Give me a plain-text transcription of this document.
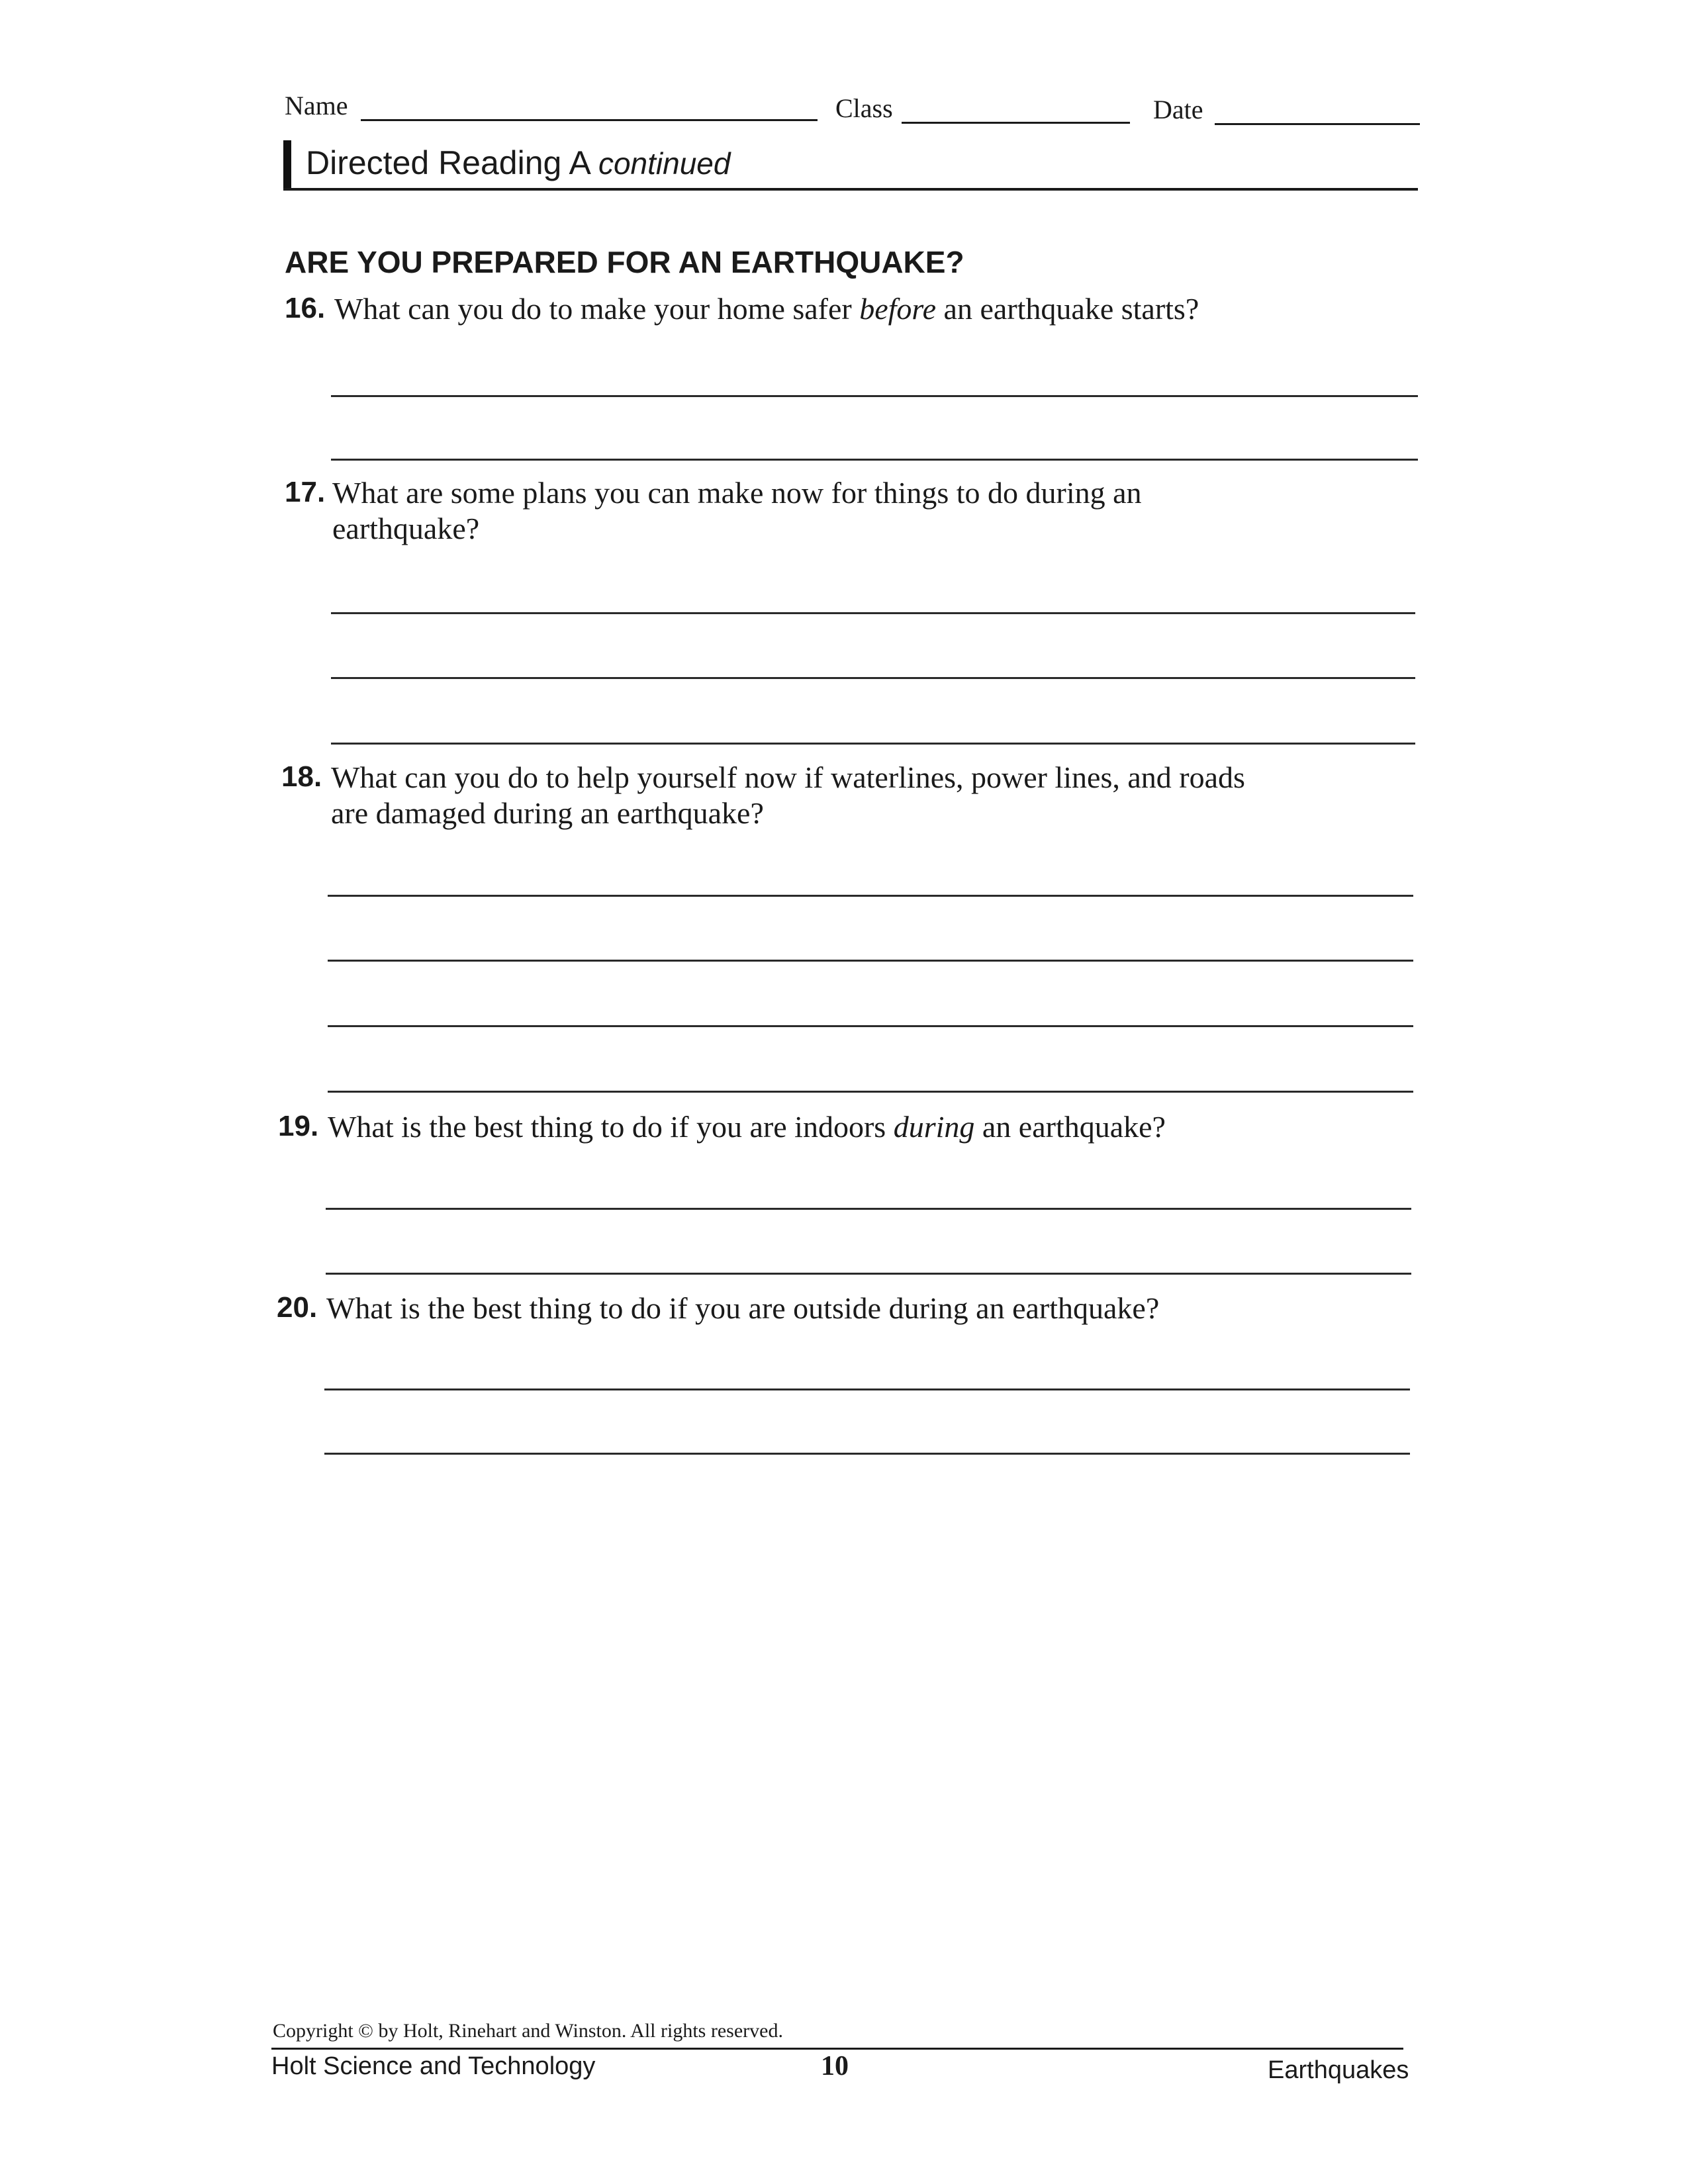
Name	Class	Date
Directed Reading A continued
ARE YOU PREPARED FOR AN EARTHQUAKE?
16. What can you do to make your home safer before an earthquake starts?
17. What are some plans you can make now for things to do during an
earthquake?
18. What can you do to help yourself now if waterlines, power lines, and roads
are damaged during an earthquake?
19. What is the best thing to do if you are indoors during an earthquake?
20. What is the best thing to do if you are outside during an earthquake?
Copyright © by Holt, Rinehart and Winston. All rights reserved.
Holt Science and Technology	10	Earthquakes
